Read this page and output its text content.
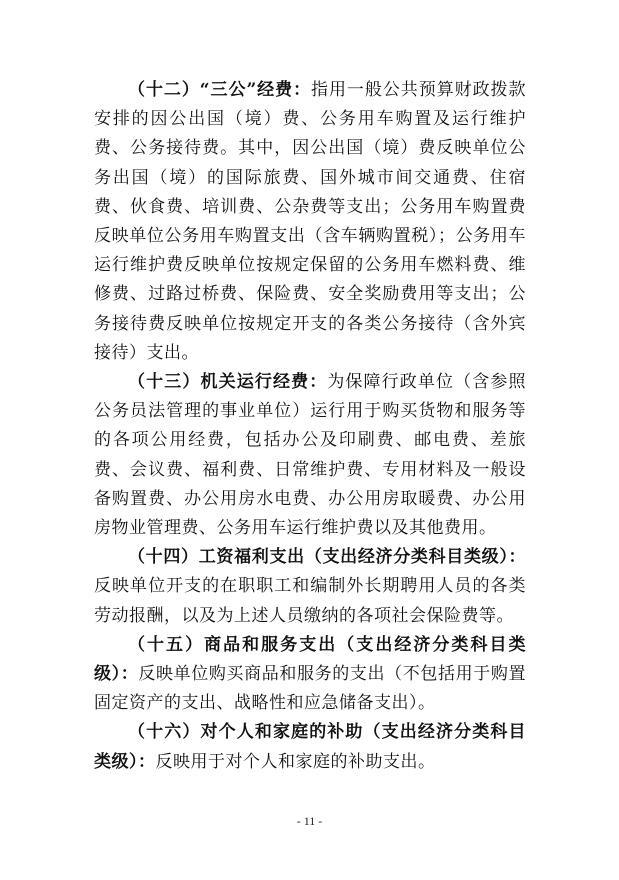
（十二）“三公”经费：指用一般公共预算财政拨款安排的因公出国（境）费、公务用车购置及运行维护费、公务接待费。其中，因公出国（境）费反映单位公务出国（境）的国际旅费、国外城市间交通费、住宿费、伙食费、培训费、公杂费等支出；公务用车购置费反映单位公务用车购置支出（含车辆购置税）；公务用车运行维护费反映单位按规定保留的公务用车燃料费、维修费、过路过桥费、保险费、安全奖励费用等支出；公务接待费反映单位按规定开支的各类公务接待（含外宾接待）支出。

（十三）机关运行经费：为保障行政单位（含参照公务员法管理的事业单位）运行用于购买货物和服务等的各项公用经费，包括办公及印刷费、邮电费、差旅费、会议费、福利费、日常维护费、专用材料及一般设备购置费、办公用房水电费、办公用房取暖费、办公用房物业管理费、公务用车运行维护费以及其他费用。

（十四）工资福利支出（支出经济分类科目类级）：反映单位开支的在职职工和编制外长期聘用人员的各类劳动报酬，以及为上述人员缴纳的各项社会保险费等。

（十五）商品和服务支出（支出经济分类科目类级）：反映单位购买商品和服务的支出（不包括用于购置固定资产的支出、战略性和应急储备支出）。

（十六）对个人和家庭的补助（支出经济分类科目类级）：反映用于对个人和家庭的补助支出。

- 11 -
